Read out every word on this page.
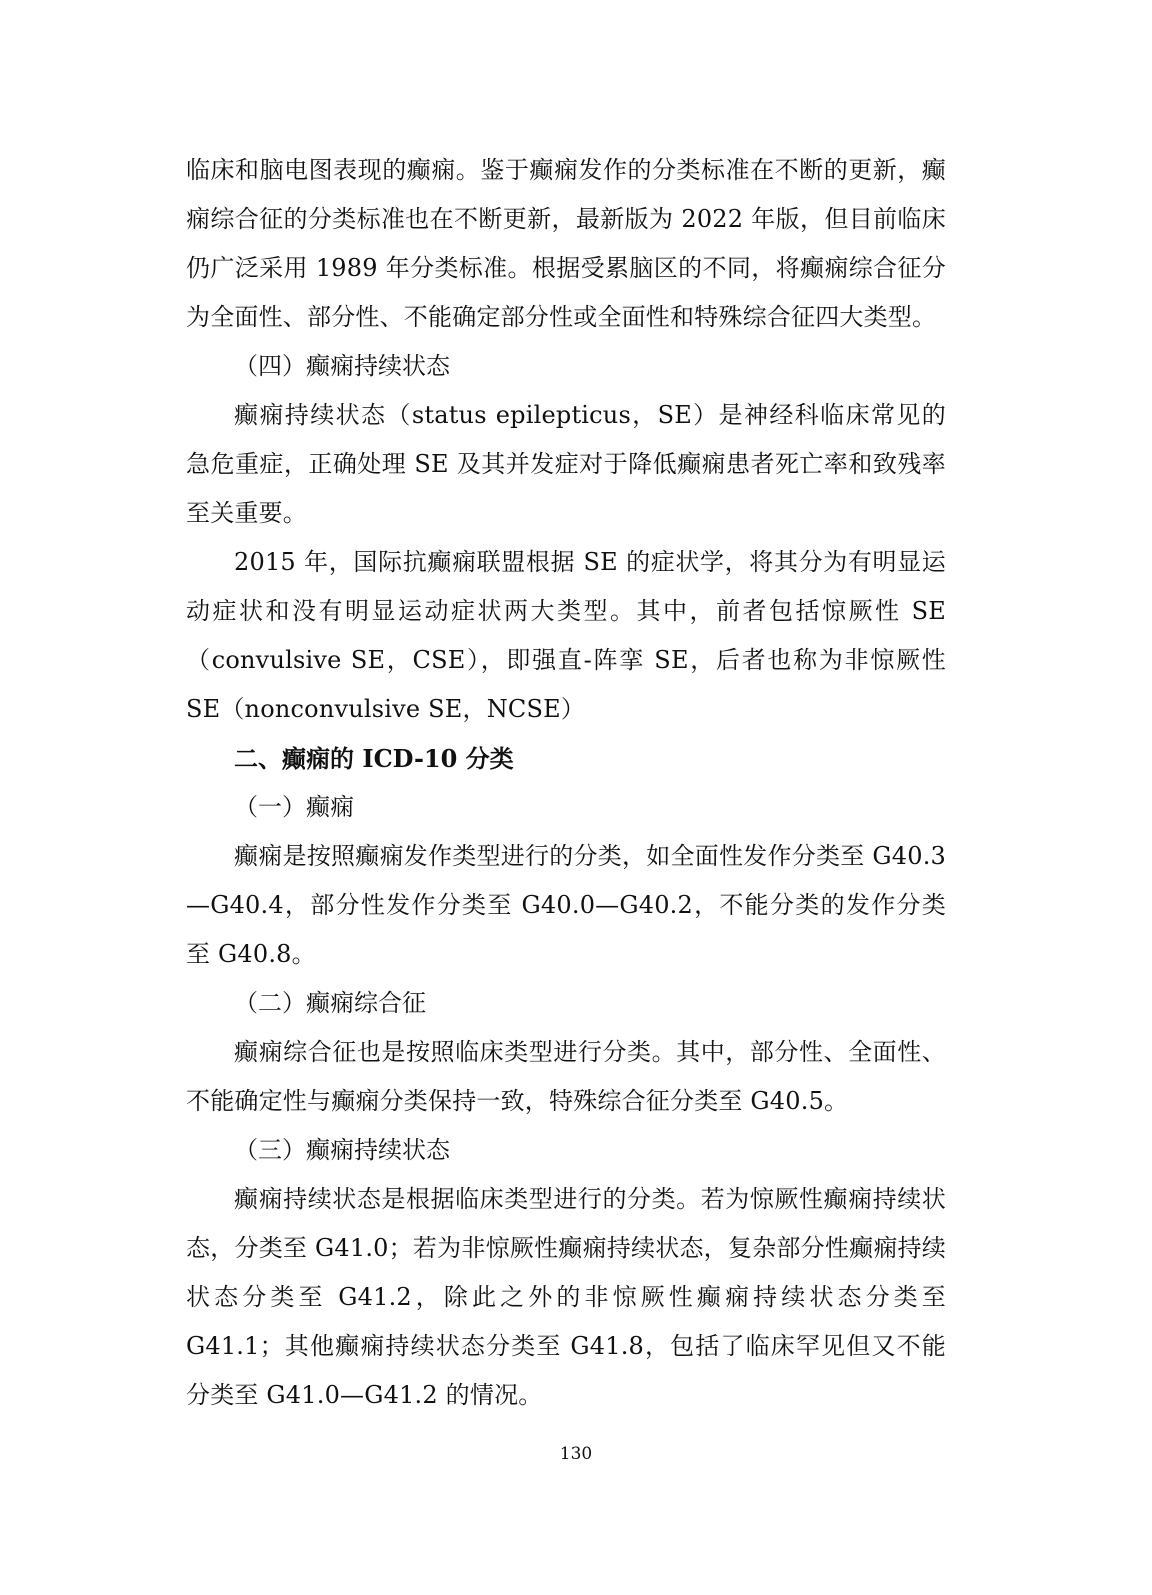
临床和脑电图表现的癫痫。鉴于癫痫发作的分类标准在不断的更新，癫痫综合征的分类标准也在不断更新，最新版为 2022 年版，但目前临床仍广泛采用 1989 年分类标准。根据受累脑区的不同，将癫痫综合征分为全面性、部分性、不能确定部分性或全面性和特殊综合征四大类型。

（四）癫痫持续状态

癫痫持续状态（status epilepticus，SE）是神经科临床常见的急危重症，正确处理 SE 及其并发症对于降低癫痫患者死亡率和致残率至关重要。

2015 年，国际抗癫痫联盟根据 SE 的症状学，将其分为有明显运动症状和没有明显运动症状两大类型。其中，前者包括惊厥性 SE（convulsive SE，CSE），即强直-阵挛 SE，后者也称为非惊厥性 SE（nonconvulsive SE，NCSE）

二、癫痫的 ICD-10 分类

（一）癫痫

癫痫是按照癫痫发作类型进行的分类，如全面性发作分类至 G40.3—G40.4，部分性发作分类至 G40.0—G40.2，不能分类的发作分类至 G40.8。

（二）癫痫综合征

癫痫综合征也是按照临床类型进行分类。其中，部分性、全面性、不能确定性与癫痫分类保持一致，特殊综合征分类至 G40.5。

（三）癫痫持续状态

癫痫持续状态是根据临床类型进行的分类。若为惊厥性癫痫持续状态，分类至 G41.0；若为非惊厥性癫痫持续状态，复杂部分性癫痫持续状态分类至 G41.2，除此之外的非惊厥性癫痫持续状态分类至 G41.1；其他癫痫持续状态分类至 G41.8，包括了临床罕见但又不能分类至 G41.0—G41.2 的情况。

130
